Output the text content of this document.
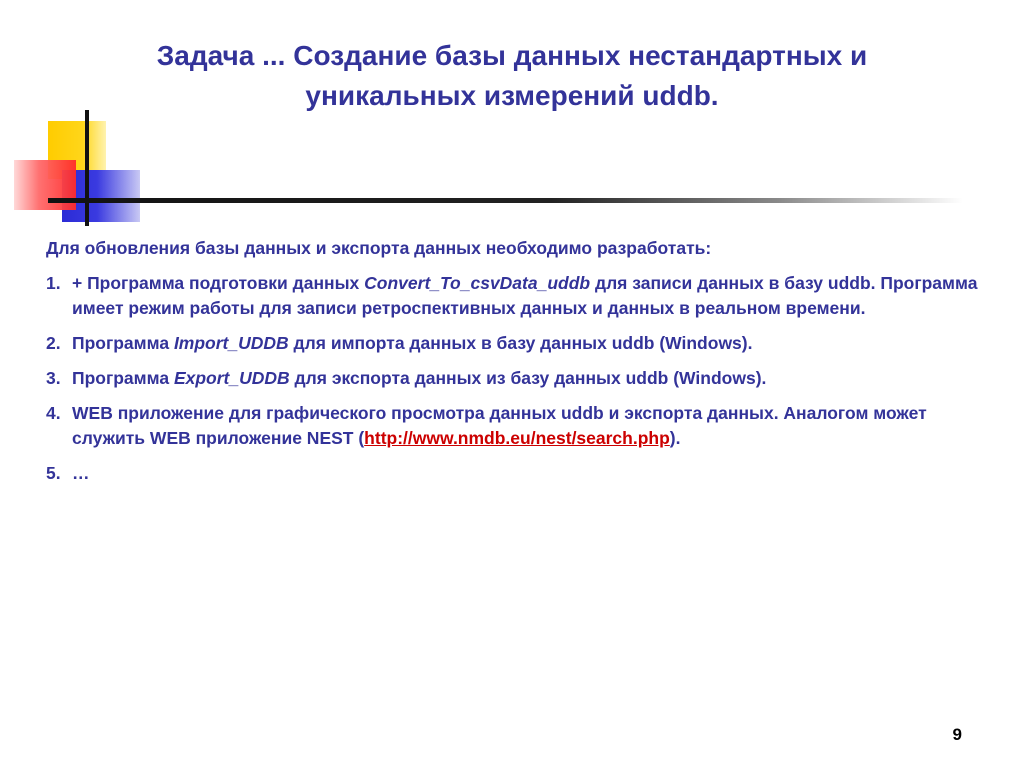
Задача ... Создание базы данных нестандартных и
уникальных измерений uddb.

Для обновления базы данных и экспорта данных необходимо разработать:

1. + Программа подготовки данных Convert_To_csvData_uddb для записи данных в базу uddb. Программа имеет режим работы для записи ретроспективных данных и данных в реальном времени.
2. Программа Import_UDDB для импорта данных в базу данных uddb (Windows).
3. Программа Export_UDDB для экспорта данных из базу данных uddb (Windows).
4. WEB приложение для графического просмотра данных uddb и экспорта данных. Аналогом может служить WEB приложение NEST (http://www.nmdb.eu/nest/search.php).
5. …
9
